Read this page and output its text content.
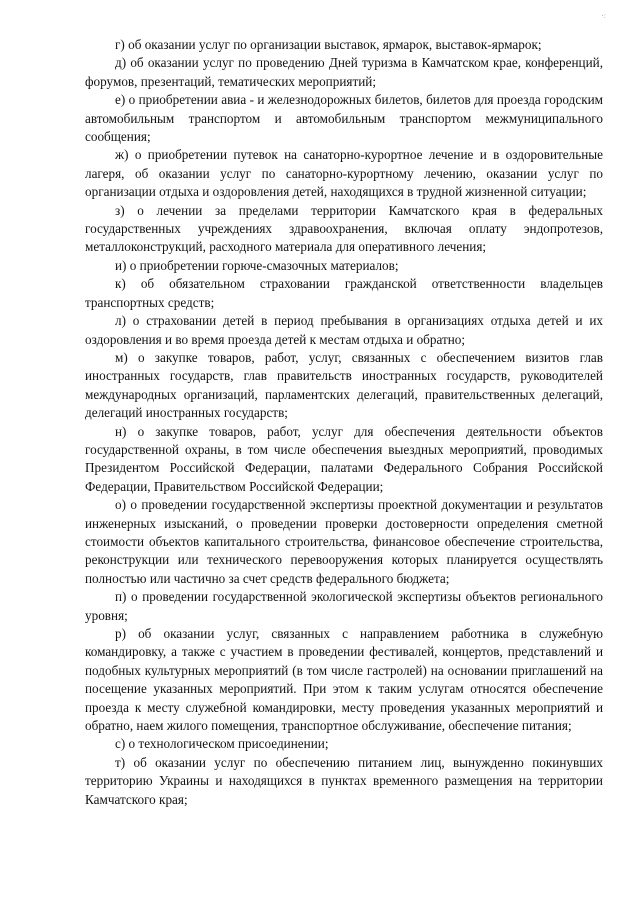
·:

г) об оказании услуг по организации выставок, ярмарок, выставок-ярмарок;

д) об оказании услуг по проведению Дней туризма в Камчатском крае, конференций, форумов, презентаций, тематических мероприятий;

е) о приобретении авиа - и железнодорожных билетов, билетов для проезда городским автомобильным транспортом и автомобильным транспортом межмуниципального сообщения;

ж) о приобретении путевок на санаторно-курортное лечение и в оздоровительные лагеря, об оказании услуг по санаторно-курортному лечению, оказании услуг по организации отдыха и оздоровления детей, находящихся в трудной жизненной ситуации;

з) о лечении за пределами территории Камчатского края в федеральных государственных учреждениях здравоохранения, включая оплату эндопротезов, металлоконструкций, расходного материала для оперативного лечения;

и) о приобретении горюче-смазочных материалов;

к) об обязательном страховании гражданской ответственности владельцев транспортных средств;

л) о страховании детей в период пребывания в организациях отдыха детей и их оздоровления и во время проезда детей к местам отдыха и обратно;

м) о закупке товаров, работ, услуг, связанных с обеспечением визитов глав иностранных государств, глав правительств иностранных государств, руководителей международных организаций, парламентских делегаций, правительственных делегаций, делегаций иностранных государств;

н) о закупке товаров, работ, услуг для обеспечения деятельности объектов государственной охраны, в том числе обеспечения выездных мероприятий, проводимых Президентом Российской Федерации, палатами Федерального Собрания Российской Федерации, Правительством Российской Федерации;

о) о проведении государственной экспертизы проектной документации и результатов инженерных изысканий, о проведении проверки достоверности определения сметной стоимости объектов капитального строительства, финансовое обеспечение строительства, реконструкции или технического перевооружения которых планируется осуществлять полностью или частично за счет средств федерального бюджета;

п) о проведении государственной экологической экспертизы объектов регионального уровня;

р) об оказании услуг, связанных с направлением работника в служебную командировку, а также с участием в проведении фестивалей, концертов, представлений и подобных культурных мероприятий (в том числе гастролей) на основании приглашений на посещение указанных мероприятий. При этом к таким услугам относятся обеспечение проезда к месту служебной командировки, месту проведения указанных мероприятий и обратно, наем жилого помещения, транспортное обслуживание, обеспечение питания;

с) о технологическом присоединении;

т) об оказании услуг по обеспечению питанием лиц, вынужденно покинувших территорию Украины и находящихся в пунктах временного размещения на территории Камчатского края;
